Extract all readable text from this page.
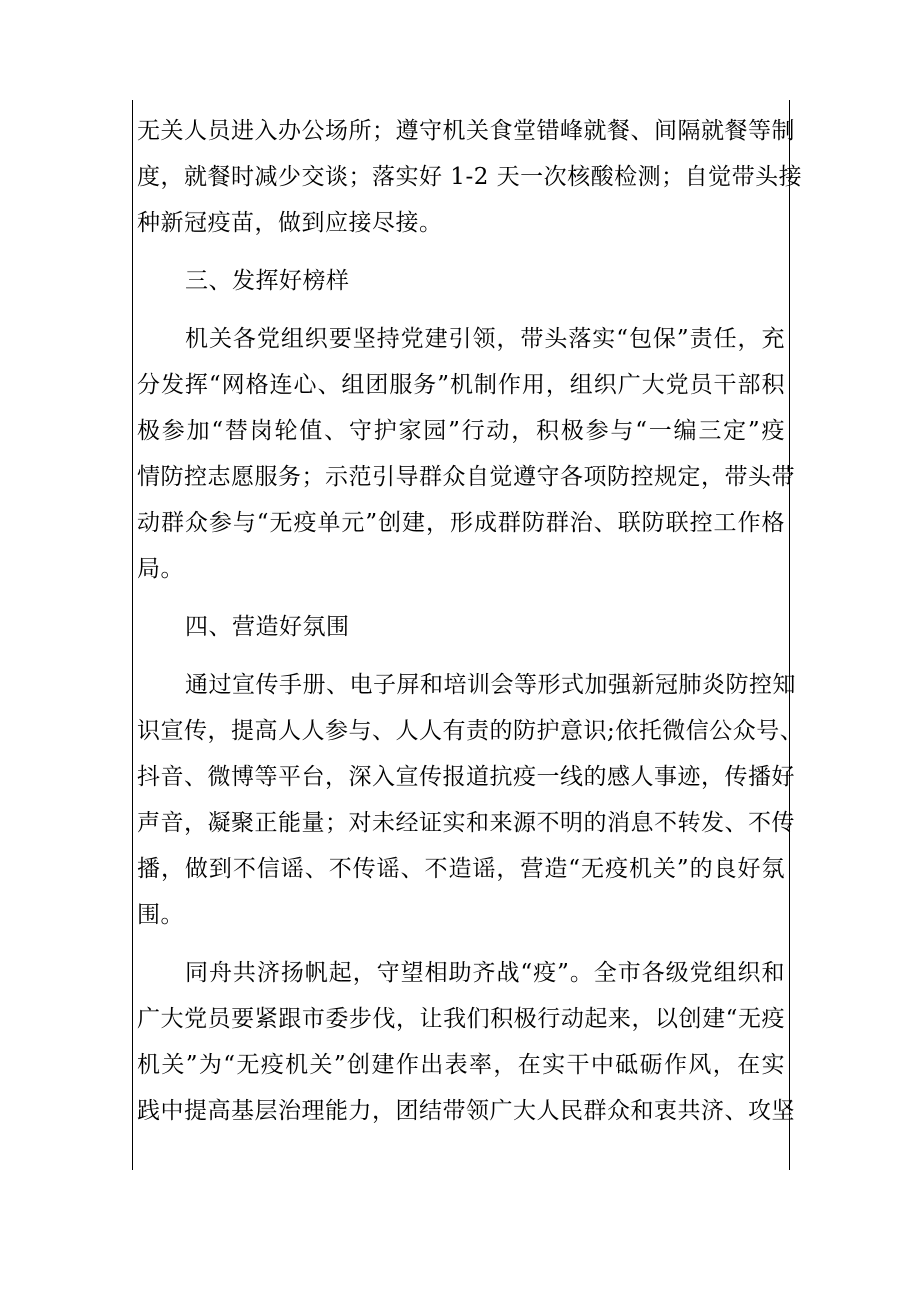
无关人员进入办公场所；遵守机关食堂错峰就餐、间隔就餐等制
度，就餐时减少交谈；落实好 1-2 天一次核酸检测；自觉带头接
种新冠疫苗，做到应接尽接。
三、发挥好榜样
机关各党组织要坚持党建引领，带头落实“包保”责任，充
分发挥“网格连心、组团服务”机制作用，组织广大党员干部积
极参加“替岗轮值、守护家园”行动，积极参与“一编三定”疫
情防控志愿服务；示范引导群众自觉遵守各项防控规定，带头带
动群众参与“无疫单元”创建，形成群防群治、联防联控工作格
局。
四、营造好氛围
通过宣传手册、电子屏和培训会等形式加强新冠肺炎防控知
识宣传，提高人人参与、人人有责的防护意识;依托微信公众号、
抖音、微博等平台，深入宣传报道抗疫一线的感人事迹，传播好
声音，凝聚正能量；对未经证实和来源不明的消息不转发、不传
播，做到不信谣、不传谣、不造谣，营造“无疫机关”的良好氛
围。
同舟共济扬帆起，守望相助齐战“疫”。全市各级党组织和
广大党员要紧跟市委步伐，让我们积极行动起来，以创建“无疫
机关”为“无疫机关”创建作出表率，在实干中砥砺作风，在实
践中提高基层治理能力，团结带领广大人民群众和衷共济、攻坚
